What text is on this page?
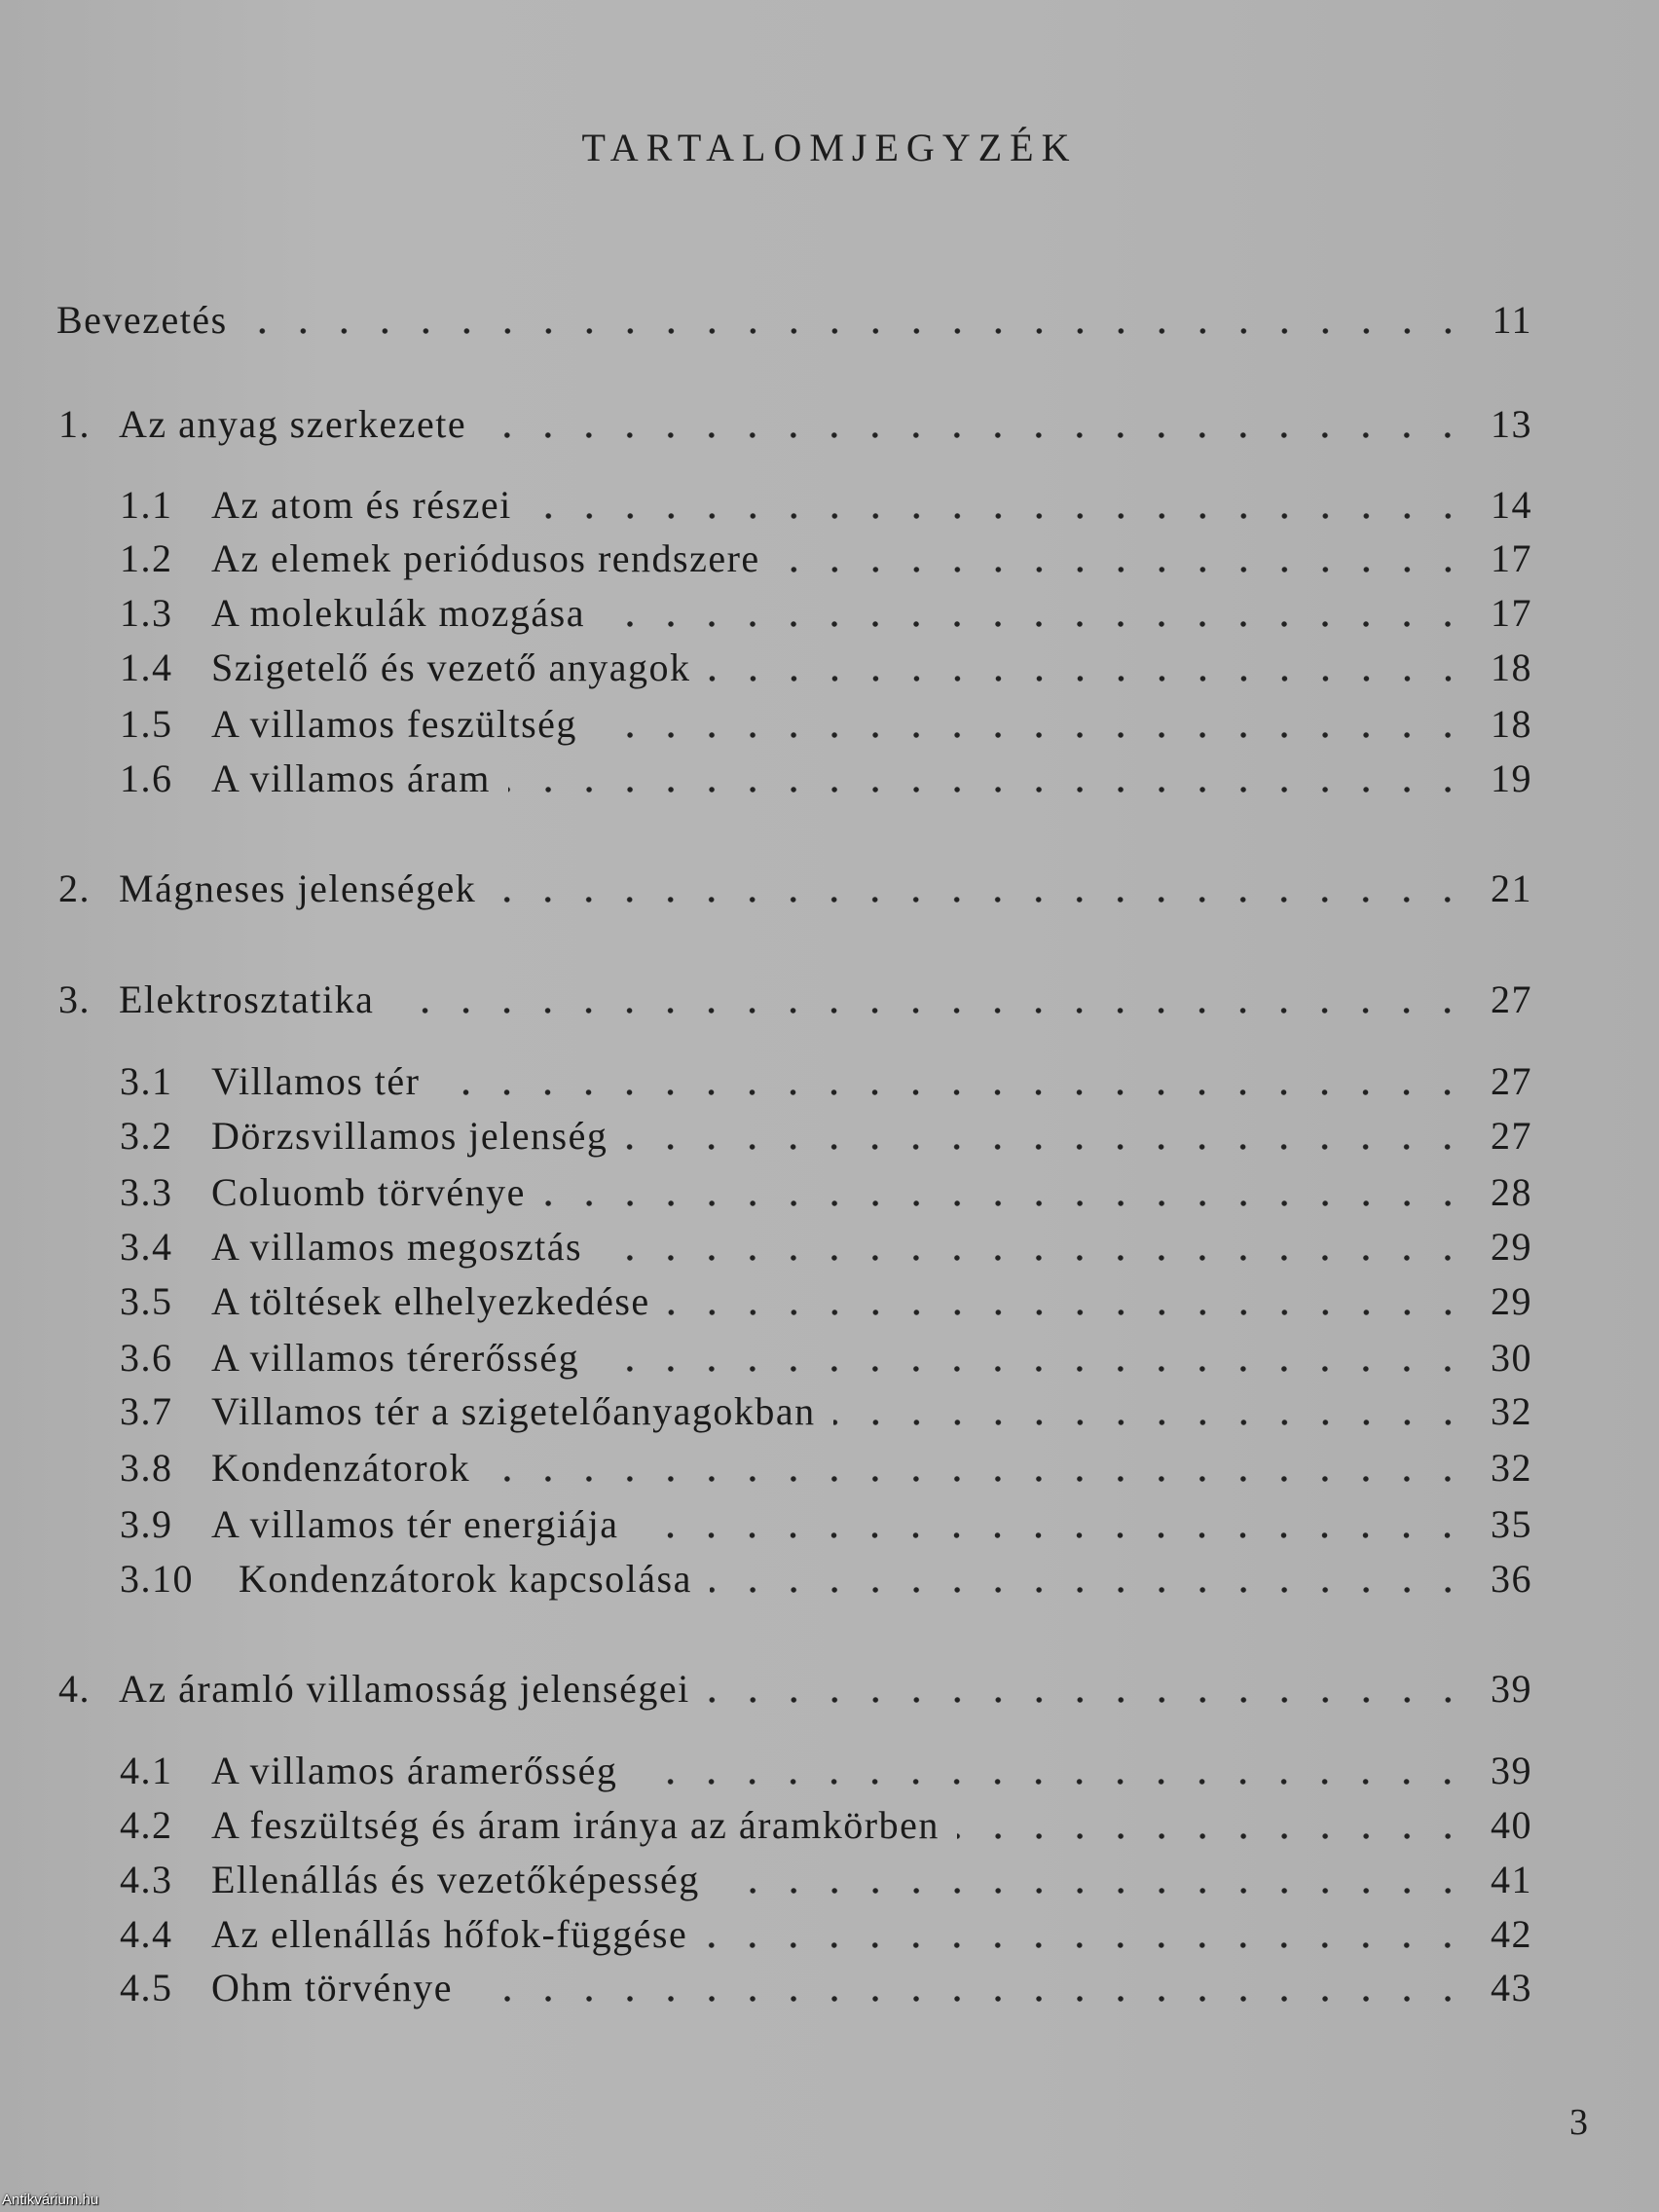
TARTALOMJEGYZÉK
Bevezetés	11
1. Az anyag szerkezete	13
1.1 Az atom és részei	14
1.2 Az elemek periódusos rendszere	17
1.3 A molekulák mozgása	17
1.4 Szigetelő és vezető anyagok	18
1.5 A villamos feszültség	18
1.6 A villamos áram	19
2. Mágneses jelenségek	21
3. Elektrosztatika	27
3.1 Villamos tér	27
3.2 Dörzsvillamos jelenség	27
3.3 Coluomb törvénye	28
3.4 A villamos megosztás	29
3.5 A töltések elhelyezkedése	29
3.6 A villamos térerősség	30
3.7 Villamos tér a szigetelőanyagokban	32
3.8 Kondenzátorok	32
3.9 A villamos tér energiája	35
3.10	Kondenzátorok kapcsolása	36
4. Az áramló villamosság jelenségei	39
4.1 A villamos áramerősség	39
4.2 A feszültség és áram iránya az áramkörben	40
4.3 Ellenállás és vezetőképesség	41
4.4 Az ellenállás hőfok-függése	42
4.5 Ohm törvénye	43
3
Antikvárium.hu
